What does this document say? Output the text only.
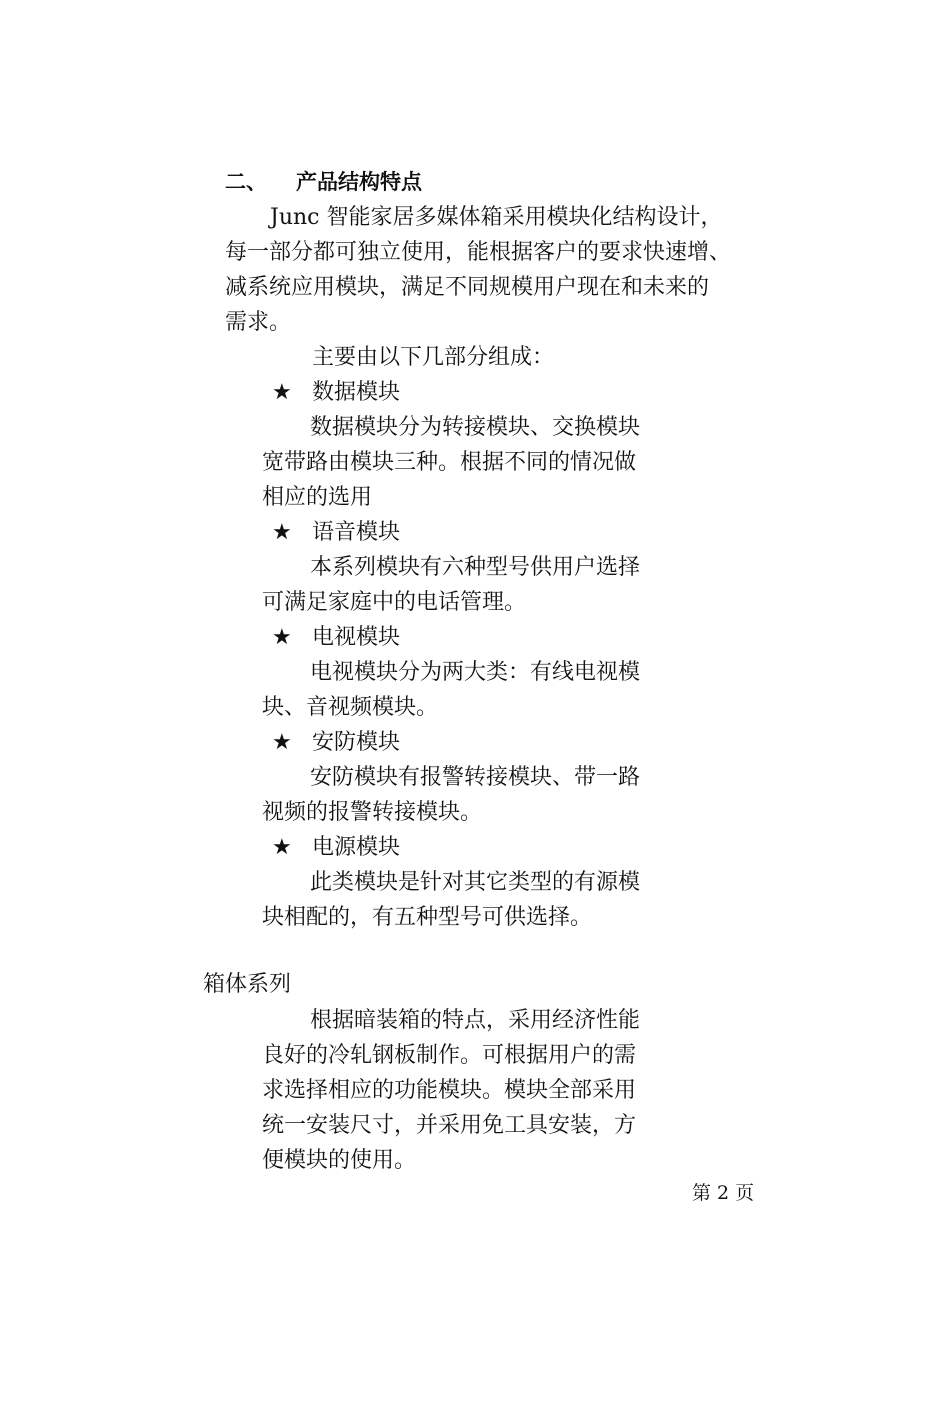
二、 产品结构特点
Junc 智能家居多媒体箱采用模块化结构设计，
每一部分都可独立使用，能根据客户的要求快速增、
减系统应用模块，满足不同规模用户现在和未来的
需求。
主要由以下几部分组成：
★ 数据模块
数据模块分为转接模块、交换模块
宽带路由模块三种。根据不同的情况做
相应的选用
★ 语音模块
本系列模块有六种型号供用户选择
可满足家庭中的电话管理。
★ 电视模块
电视模块分为两大类：有线电视模
块、音视频模块。
★ 安防模块
安防模块有报警转接模块、带一路
视频的报警转接模块。
★ 电源模块
此类模块是针对其它类型的有源模
块相配的，有五种型号可供选择。
箱体系列
根据暗装箱的特点，采用经济性能
良好的冷轧钢板制作。可根据用户的需
求选择相应的功能模块。模块全部采用
统一安装尺寸，并采用免工具安装，方
便模块的使用。
第 2 页
